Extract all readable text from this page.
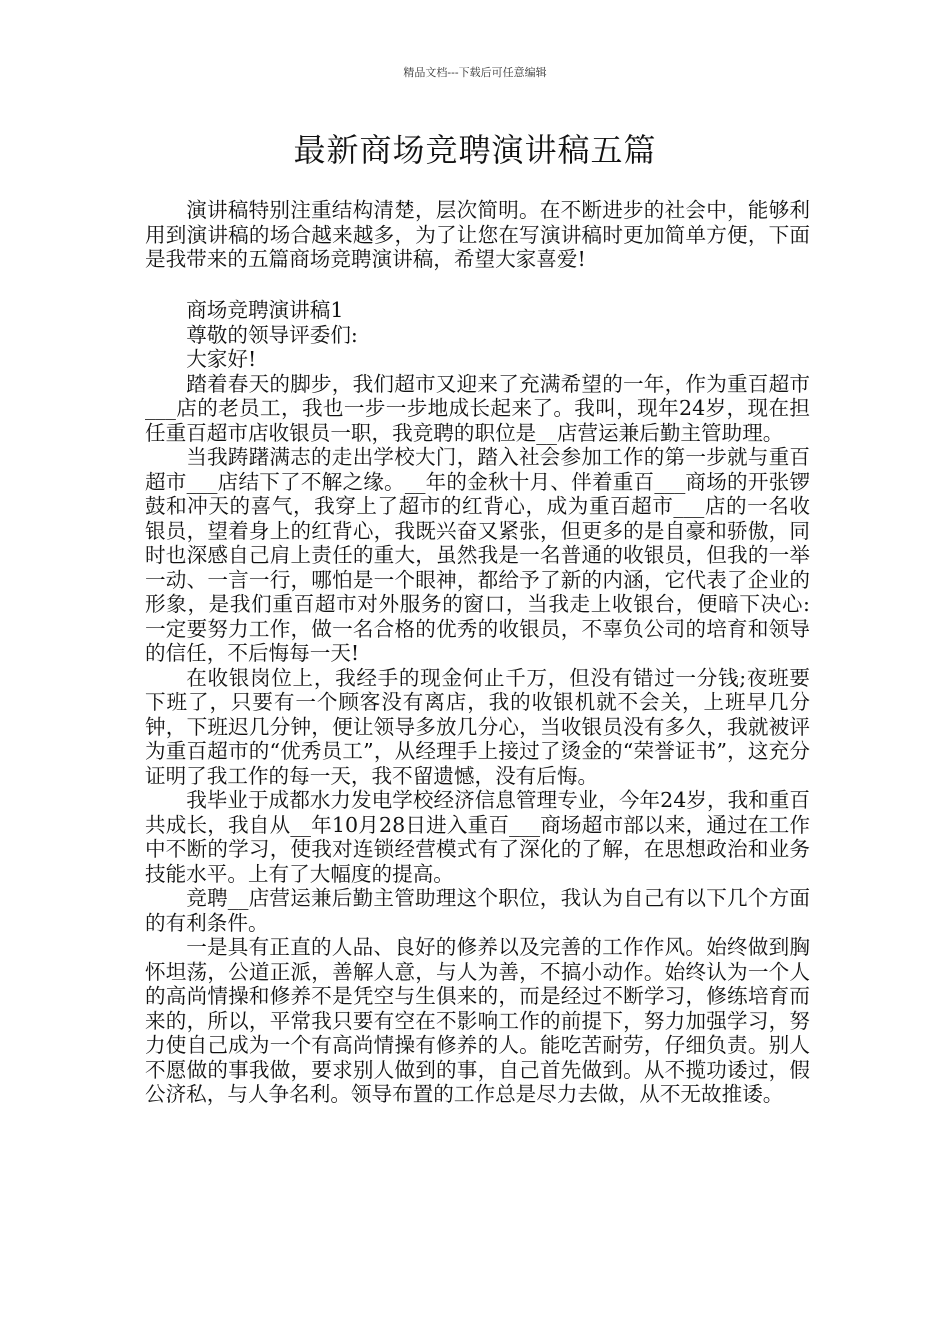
精品文档---下载后可任意编辑
最新商场竞聘演讲稿五篇

演讲稿特别注重结构清楚，层次简明。在不断进步的社会中，能够利用到演讲稿的场合越来越多，为了让您在写演讲稿时更加简单方便，下面是我带来的五篇商场竞聘演讲稿，希望大家喜爱!

商场竞聘演讲稿1

尊敬的领导评委们:

大家好!

踏着春天的脚步，我们超市又迎来了充满希望的一年，作为重百超市___店的老员工，我也一步一步地成长起来了。我叫，现年24岁，现在担任重百超市店收银员一职，我竞聘的职位是__店营运兼后勤主管助理。

当我踌躇满志的走出学校大门，踏入社会参加工作的第一步就与重百超市___店结下了不解之缘。__年的金秋十月、伴着重百___商场的开张锣鼓和冲天的喜气，我穿上了超市的红背心，成为重百超市___店的一名收银员，望着身上的红背心，我既兴奋又紧张，但更多的是自豪和骄傲，同时也深感自己肩上责任的重大，虽然我是一名普通的收银员，但我的一举一动、一言一行，哪怕是一个眼神，都给予了新的内涵，它代表了企业的形象，是我们重百超市对外服务的窗口，当我走上收银台，便暗下决心:一定要努力工作，做一名合格的优秀的收银员，不辜负公司的培育和领导的信任，不后悔每一天!

在收银岗位上，我经手的现金何止千万，但没有错过一分钱;夜班要下班了，只要有一个顾客没有离店，我的收银机就不会关，上班早几分钟，下班迟几分钟，便让领导多放几分心，当收银员没有多久，我就被评为重百超市的“优秀员工”，从经理手上接过了烫金的“荣誉证书”，这充分证明了我工作的每一天，我不留遗憾，没有后悔。

我毕业于成都水力发电学校经济信息管理专业，今年24岁，我和重百共成长，我自从__年10月28日进入重百___商场超市部以来，通过在工作中不断的学习，使我对连锁经营模式有了深化的了解，在思想政治和业务技能水平。上有了大幅度的提高。

竞聘__店营运兼后勤主管助理这个职位，我认为自己有以下几个方面的有利条件。

一是具有正直的人品、良好的修养以及完善的工作作风。始终做到胸怀坦荡，公道正派，善解人意，与人为善，不搞小动作。始终认为一个人的高尚情操和修养不是凭空与生俱来的，而是经过不断学习，修练培育而来的，所以，平常我只要有空在不影响工作的前提下，努力加强学习，努力使自己成为一个有高尚情操有修养的人。能吃苦耐劳，仔细负责。别人不愿做的事我做，要求别人做到的事，自己首先做到。从不揽功诿过，假公济私，与人争名利。领导布置的工作总是尽力去做，从不无故推诿。
